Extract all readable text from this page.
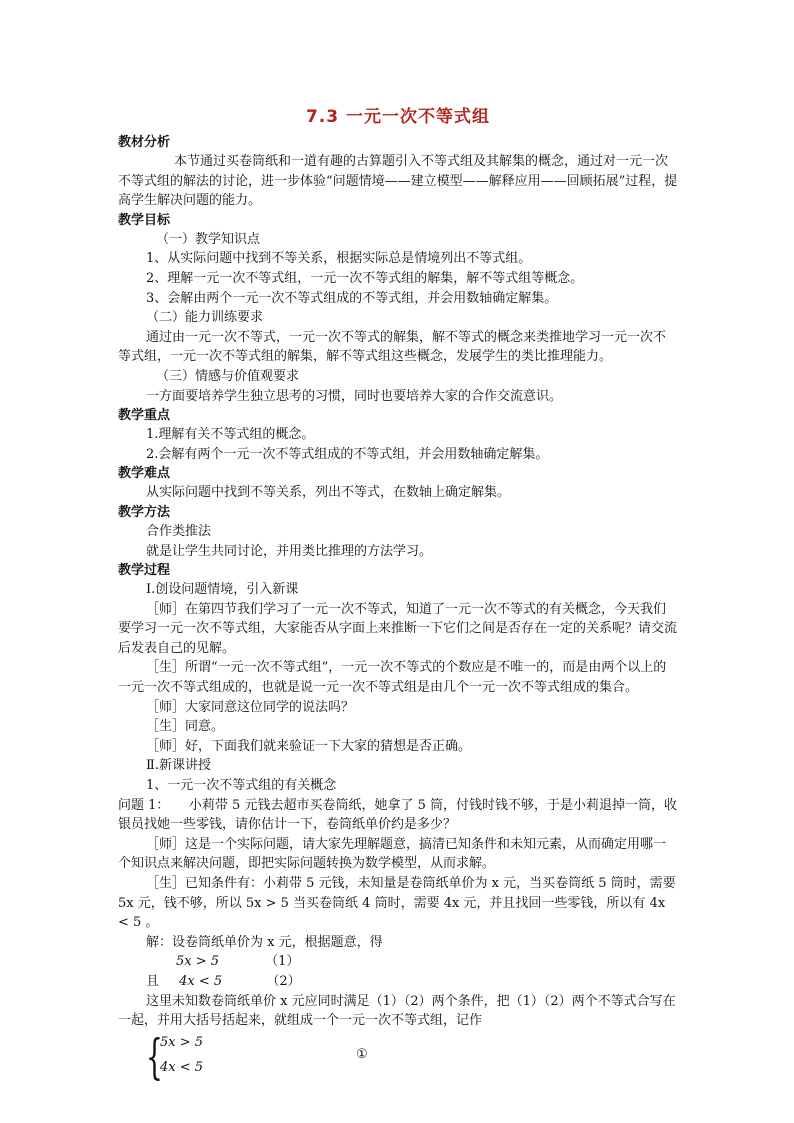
7.3 一元一次不等式组
教材分析

本节通过买卷筒纸和一道有趣的古算题引入不等式组及其解集的概念，通过对一元一次不等式组的解法的讨论，进一步体验“问题情境——建立模型——解释应用——回顾拓展”过程，提高学生解决问题的能力。

教学目标

（一）教学知识点

1、从实际问题中找到不等关系，根据实际总是情境列出不等式组。

2、理解一元一次不等式组，一元一次不等式组的解集，解不等式组等概念。

3、会解由两个一元一次不等式组成的不等式组，并会用数轴确定解集。

（二）能力训练要求

通过由一元一次不等式，一元一次不等式的解集，解不等式的概念来类推地学习一元一次不等式组，一元一次不等式组的解集，解不等式组这些概念，发展学生的类比推理能力。

（三）情感与价值观要求

一方面要培养学生独立思考的习惯，同时也要培养大家的合作交流意识。

教学重点

1.理解有关不等式组的概念。

2.会解有两个一元一次不等式组成的不等式组，并会用数轴确定解集。

教学难点

从实际问题中找到不等关系，列出不等式，在数轴上确定解集。

教学方法

合作类推法

就是让学生共同讨论，并用类比推理的方法学习。

教学过程

Ⅰ.创设问题情境，引入新课

［师］在第四节我们学习了一元一次不等式，知道了一元一次不等式的有关概念，今天我们要学习一元一次不等式组，大家能否从字面上来推断一下它们之间是否存在一定的关系呢？请交流后发表自己的见解。

［生］所谓“一元一次不等式组”，一元一次不等式的个数应是不唯一的，而是由两个以上的一元一次不等式组成的，也就是说一元一次不等式组是由几个一元一次不等式组成的集合。

［师］大家同意这位同学的说法吗？

［生］同意。

［师］好，下面我们就来验证一下大家的猜想是否正确。

Ⅱ.新课讲授

1、一元一次不等式组的有关概念

问题 1：　　小莉带 5 元钱去超市买卷筒纸，她拿了 5 筒，付钱时钱不够，于是小莉退掉一筒，收银员找她一些零钱，请你估计一下，卷筒纸单价约是多少？

［师］这是一个实际问题，请大家先理解题意，搞清已知条件和未知元素，从而确定用哪一个知识点来解决问题，即把实际问题转换为数学模型，从而求解。

［生］已知条件有：小莉带 5 元钱，未知量是卷筒纸单价为 x 元，当买卷筒纸 5 筒时，需要 5x 元，钱不够，所以 5x > 5 当买卷筒纸 4 筒时，需要 4x 元，并且找回一些零钱，所以有 4x < 5 。

解：设卷筒纸单价为 x 元，根据题意，得

5x > 5	（1）

且 4x < 5	（2）

这里未知数卷筒纸单价 x 元应同时满足（1）（2）两个条件，把（1）（2）两个不等式合写在一起，并用大括号括起来，就组成一个一元一次不等式组，记作

{
5x > 5
4x < 5
①
